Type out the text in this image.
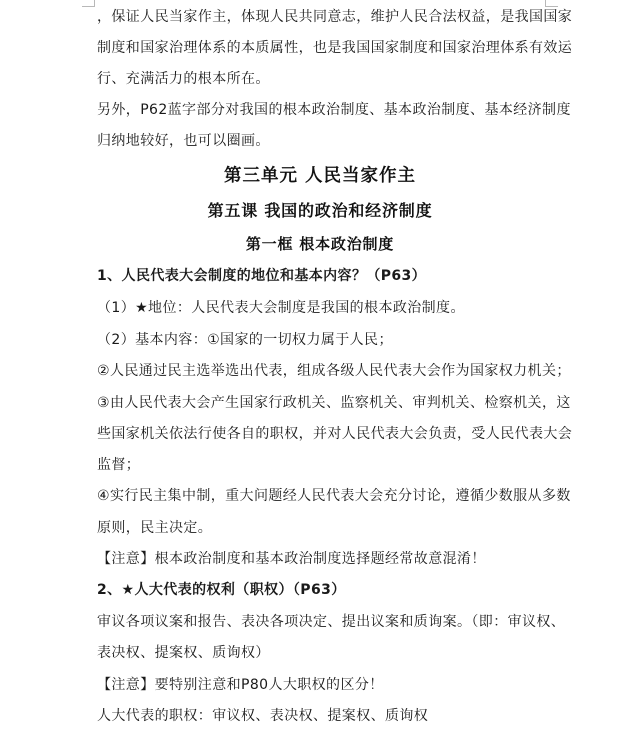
，保证人民当家作主，体现人民共同意志，维护人民合法权益，是我国国家
制度和国家治理体系的本质属性，也是我国国家制度和国家治理体系有效运
行、充满活力的根本所在。
另外，P62蓝字部分对我国的根本政治制度、基本政治制度、基本经济制度
归纳地较好，也可以圈画。
第三单元 人民当家作主
第五课 我国的政治和经济制度
第一框 根本政治制度
1、人民代表大会制度的地位和基本内容？（P63）
（1）★地位：人民代表大会制度是我国的根本政治制度。
（2）基本内容：①国家的一切权力属于人民；
②人民通过民主选举选出代表，组成各级人民代表大会作为国家权力机关；
③由人民代表大会产生国家行政机关、监察机关、审判机关、检察机关，这
些国家机关依法行使各自的职权，并对人民代表大会负责，受人民代表大会
监督；
④实行民主集中制，重大问题经人民代表大会充分讨论，遵循少数服从多数
原则，民主决定。
【注意】根本政治制度和基本政治制度选择题经常故意混淆！
2、★人大代表的权利（职权）（P63）
审议各项议案和报告、表决各项决定、提出议案和质询案。（即：审议权、
表决权、提案权、质询权）
【注意】要特别注意和P80人大职权的区分！
人大代表的职权：审议权、表决权、提案权、质询权
